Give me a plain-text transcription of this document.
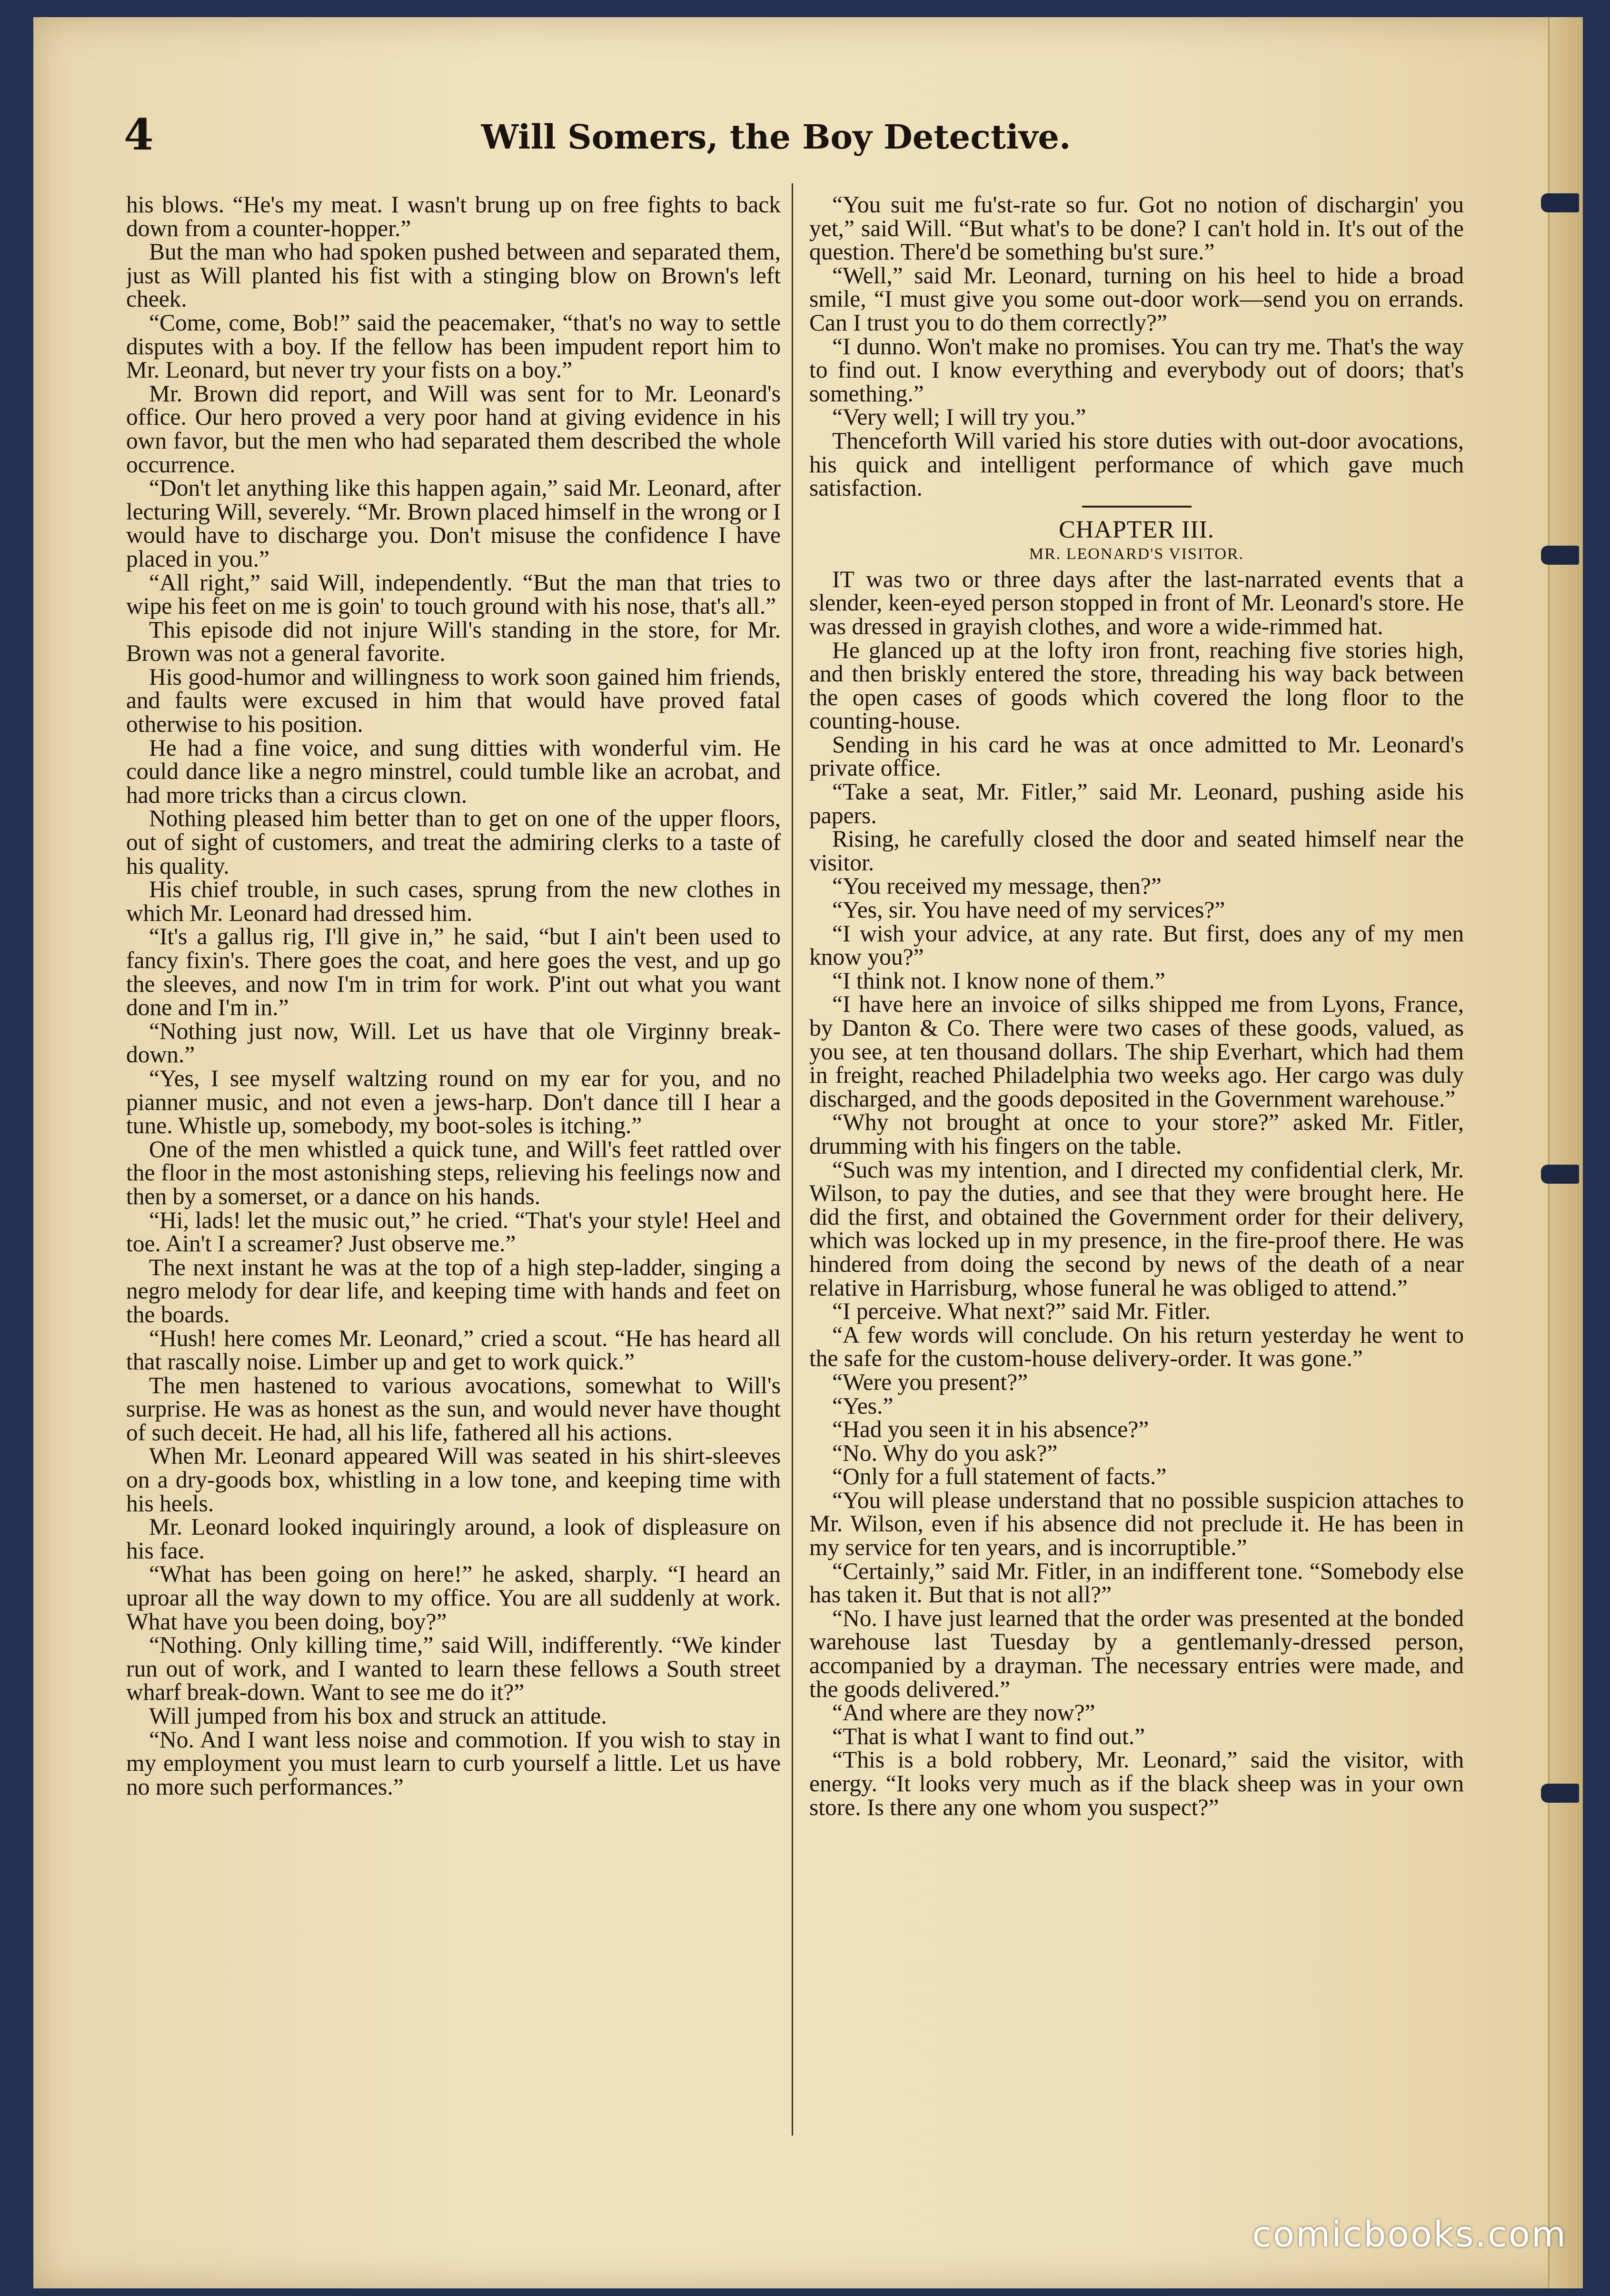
4	Will Somers, the Boy Detective.

his blows. “He's my meat. I wasn't brung up on free fights to back down from a counter-hopper.”

But the man who had spoken pushed between and separated them, just as Will planted his fist with a stinging blow on Brown's left cheek.

“Come, come, Bob!” said the peacemaker, “that's no way to settle disputes with a boy. If the fellow has been impudent report him to Mr. Leonard, but never try your fists on a boy.”

Mr. Brown did report, and Will was sent for to Mr. Leonard's office. Our hero proved a very poor hand at giving evidence in his own favor, but the men who had separated them described the whole occurrence.

“Don't let anything like this happen again,” said Mr. Leonard, after lecturing Will, severely. “Mr. Brown placed himself in the wrong or I would have to discharge you. Don't misuse the confidence I have placed in you.”

“All right,” said Will, independently. “But the man that tries to wipe his feet on me is goin' to touch ground with his nose, that's all.”

This episode did not injure Will's standing in the store, for Mr. Brown was not a general favorite.

His good-humor and willingness to work soon gained him friends, and faults were excused in him that would have proved fatal otherwise to his position.

He had a fine voice, and sung ditties with wonderful vim. He could dance like a negro minstrel, could tumble like an acrobat, and had more tricks than a circus clown.

Nothing pleased him better than to get on one of the upper floors, out of sight of customers, and treat the admiring clerks to a taste of his quality.

His chief trouble, in such cases, sprung from the new clothes in which Mr. Leonard had dressed him.

“It's a gallus rig, I'll give in,” he said, “but I ain't been used to fancy fixin's. There goes the coat, and here goes the vest, and up go the sleeves, and now I'm in trim for work. P'int out what you want done and I'm in.”

“Nothing just now, Will. Let us have that ole Virginny break-down.”

“Yes, I see myself waltzing round on my ear for you, and no pianner music, and not even a jews-harp. Don't dance till I hear a tune. Whistle up, somebody, my boot-soles is itching.”

One of the men whistled a quick tune, and Will's feet rattled over the floor in the most astonishing steps, relieving his feelings now and then by a somerset, or a dance on his hands.

“Hi, lads! let the music out,” he cried. “That's your style! Heel and toe. Ain't I a screamer? Just observe me.”

The next instant he was at the top of a high step-ladder, singing a negro melody for dear life, and keeping time with hands and feet on the boards.

“Hush! here comes Mr. Leonard,” cried a scout. “He has heard all that rascally noise. Limber up and get to work quick.”

The men hastened to various avocations, somewhat to Will's surprise. He was as honest as the sun, and would never have thought of such deceit. He had, all his life, fathered all his actions.

When Mr. Leonard appeared Will was seated in his shirt-sleeves on a dry-goods box, whistling in a low tone, and keeping time with his heels.

Mr. Leonard looked inquiringly around, a look of displeasure on his face.

“What has been going on here!” he asked, sharply. “I heard an uproar all the way down to my office. You are all suddenly at work. What have you been doing, boy?”

“Nothing. Only killing time,” said Will, indifferently. “We kinder run out of work, and I wanted to learn these fellows a South street wharf break-down. Want to see me do it?”

Will jumped from his box and struck an attitude.

“No. And I want less noise and commotion. If you wish to stay in my employment you must learn to curb yourself a little. Let us have no more such performances.”

“You suit me fu'st-rate so fur. Got no notion of dischargin' you yet,” said Will. “But what's to be done? I can't hold in. It's out of the question. There'd be something bu'st sure.”

“Well,” said Mr. Leonard, turning on his heel to hide a broad smile, “I must give you some out-door work—send you on errands. Can I trust you to do them correctly?”

“I dunno. Won't make no promises. You can try me. That's the way to find out. I know everything and everybody out of doors; that's something.”

“Very well; I will try you.”

Thenceforth Will varied his store duties with out-door avocations, his quick and intelligent performance of which gave much satisfaction.

CHAPTER III.
MR. LEONARD'S VISITOR.

IT was two or three days after the last-narrated events that a slender, keen-eyed person stopped in front of Mr. Leonard's store. He was dressed in grayish clothes, and wore a wide-rimmed hat.

He glanced up at the lofty iron front, reaching five stories high, and then briskly entered the store, threading his way back between the open cases of goods which covered the long floor to the counting-house.

Sending in his card he was at once admitted to Mr. Leonard's private office.

“Take a seat, Mr. Fitler,” said Mr. Leonard, pushing aside his papers.

Rising, he carefully closed the door and seated himself near the visitor.

“You received my message, then?”

“Yes, sir. You have need of my services?”

“I wish your advice, at any rate. But first, does any of my men know you?”

“I think not. I know none of them.”

“I have here an invoice of silks shipped me from Lyons, France, by Danton & Co. There were two cases of these goods, valued, as you see, at ten thousand dollars. The ship Everhart, which had them in freight, reached Philadelphia two weeks ago. Her cargo was duly discharged, and the goods deposited in the Government warehouse.”

“Why not brought at once to your store?” asked Mr. Fitler, drumming with his fingers on the table.

“Such was my intention, and I directed my confidential clerk, Mr. Wilson, to pay the duties, and see that they were brought here. He did the first, and obtained the Government order for their delivery, which was locked up in my presence, in the fire-proof there. He was hindered from doing the second by news of the death of a near relative in Harrisburg, whose funeral he was obliged to attend.”

“I perceive. What next?” said Mr. Fitler.

“A few words will conclude. On his return yesterday he went to the safe for the custom-house delivery-order. It was gone.”

“Were you present?”

“Yes.”

“Had you seen it in his absence?”

“No. Why do you ask?”

“Only for a full statement of facts.”

“You will please understand that no possible suspicion attaches to Mr. Wilson, even if his absence did not preclude it. He has been in my service for ten years, and is incorruptible.”

“Certainly,” said Mr. Fitler, in an indifferent tone. “Somebody else has taken it. But that is not all?”

“No. I have just learned that the order was presented at the bonded warehouse last Tuesday by a gentlemanly-dressed person, accompanied by a drayman. The necessary entries were made, and the goods delivered.”

“And where are they now?”

“That is what I want to find out.”

“This is a bold robbery, Mr. Leonard,” said the visitor, with energy. “It looks very much as if the black sheep was in your own store. Is there any one whom you suspect?”

comicbooks.com
